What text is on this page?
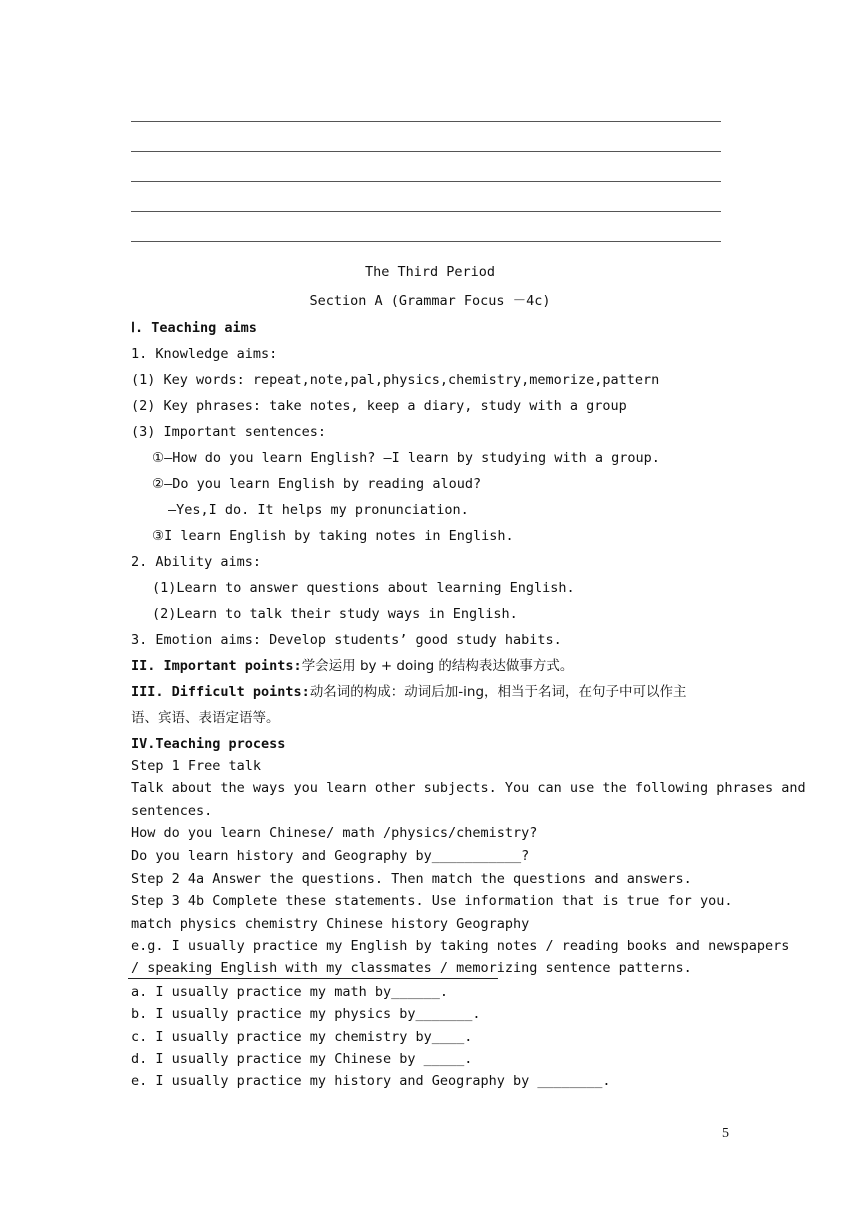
The Third Period
Section A (Grammar Focus －4c)
Ⅰ. Teaching aims
1. Knowledge aims:
(1) Key words: repeat,note,pal,physics,chemistry,memorize,pattern
(2) Key phrases: take notes, keep a diary, study with a group
(3) Important sentences:
①—How do you learn English? —I learn by studying with a group.
②—Do you learn English by reading aloud?
—Yes,I do. It helps my pronunciation.
③I learn English by taking notes in English.
2. Ability aims:
(1)Learn to answer questions about learning English.
(2)Learn to talk their study ways in English.
3. Emotion aims: Develop students’ good study habits.
II. Important points:学会运用 by + doing 的结构表达做事方式。
III. Difficult points:动名词的构成：动词后加-ing，相当于名词，在句子中可以作主
语、宾语、表语定语等。
IV.Teaching process
Step 1 Free talk
Talk about the ways you learn other subjects. You can use the following phrases and
sentences.
How do you learn Chinese/ math /physics/chemistry?
Do you learn history and Geography by___________?
Step 2 4a Answer the questions. Then match the questions and answers.
Step 3 4b Complete these statements. Use information that is true for you.
match physics chemistry Chinese history Geography
e.g. I usually practice my English by taking notes / reading books and newspapers
/ speaking English with my classmates / memorizing sentence patterns.
a. I usually practice my math by______.
b. I usually practice my physics by_______.
c. I usually practice my chemistry by____.
d. I usually practice my Chinese by _____.
e. I usually practice my history and Geography by ________.
5
